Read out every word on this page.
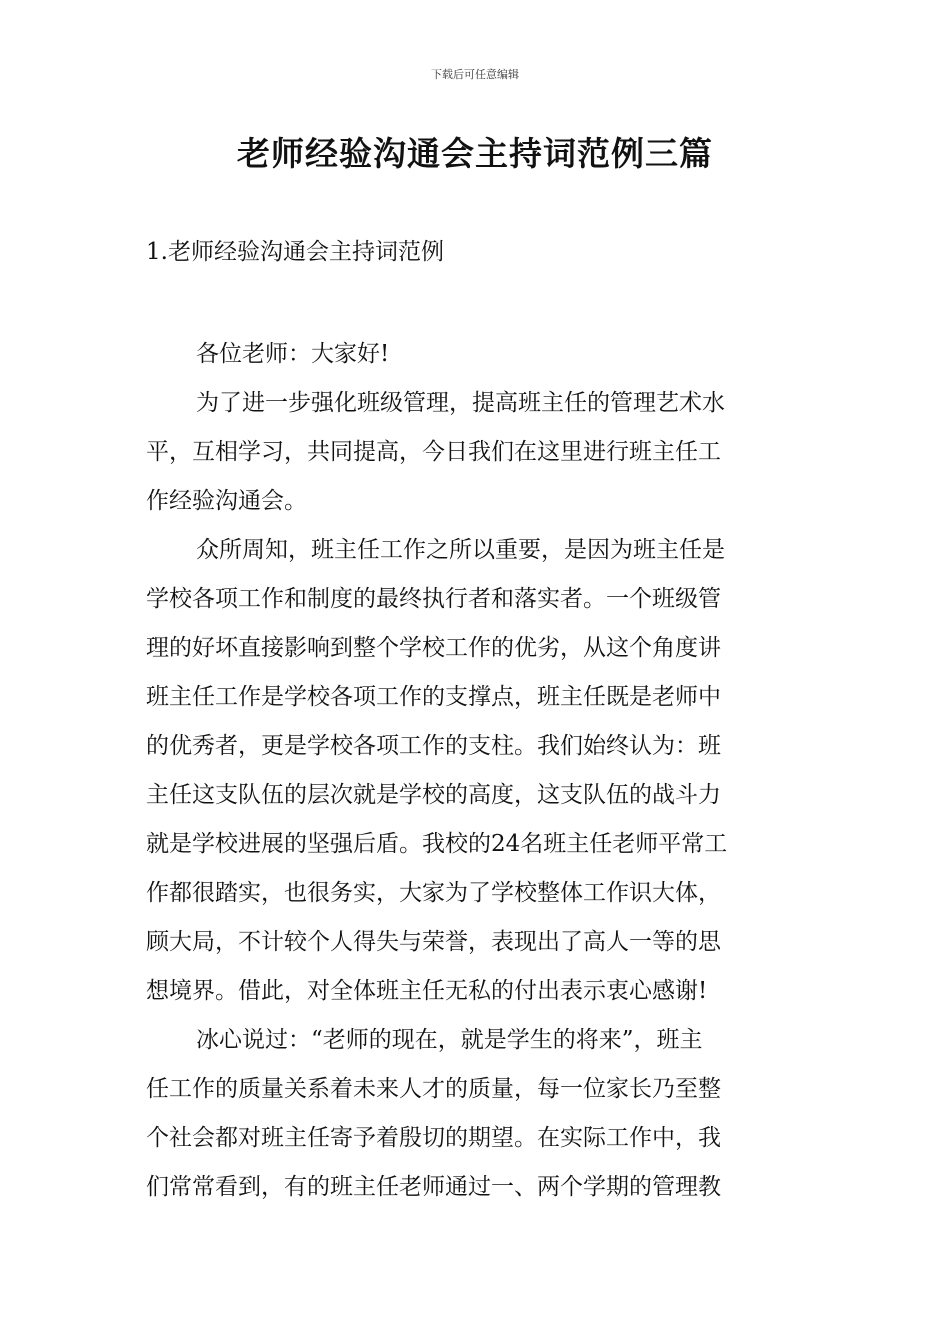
下载后可任意编辑
老师经验沟通会主持词范例三篇
1.老师经验沟通会主持词范例

各位老师：大家好!

为了进一步强化班级管理，提高班主任的管理艺术水
平，互相学习，共同提高，今日我们在这里进行班主任工
作经验沟通会。

众所周知，班主任工作之所以重要，是因为班主任是
学校各项工作和制度的最终执行者和落实者。一个班级管
理的好坏直接影响到整个学校工作的优劣，从这个角度讲
班主任工作是学校各项工作的支撑点，班主任既是老师中
的优秀者，更是学校各项工作的支柱。我们始终认为：班
主任这支队伍的层次就是学校的高度，这支队伍的战斗力
就是学校进展的坚强后盾。我校的24名班主任老师平常工
作都很踏实，也很务实，大家为了学校整体工作识大体，
顾大局，不计较个人得失与荣誉，表现出了高人一等的思
想境界。借此，对全体班主任无私的付出表示衷心感谢!

冰心说过：“老师的现在，就是学生的将来”，班主
任工作的质量关系着未来人才的质量，每一位家长乃至整
个社会都对班主任寄予着殷切的期望。在实际工作中，我
们常常看到，有的班主任老师通过一、两个学期的管理教
